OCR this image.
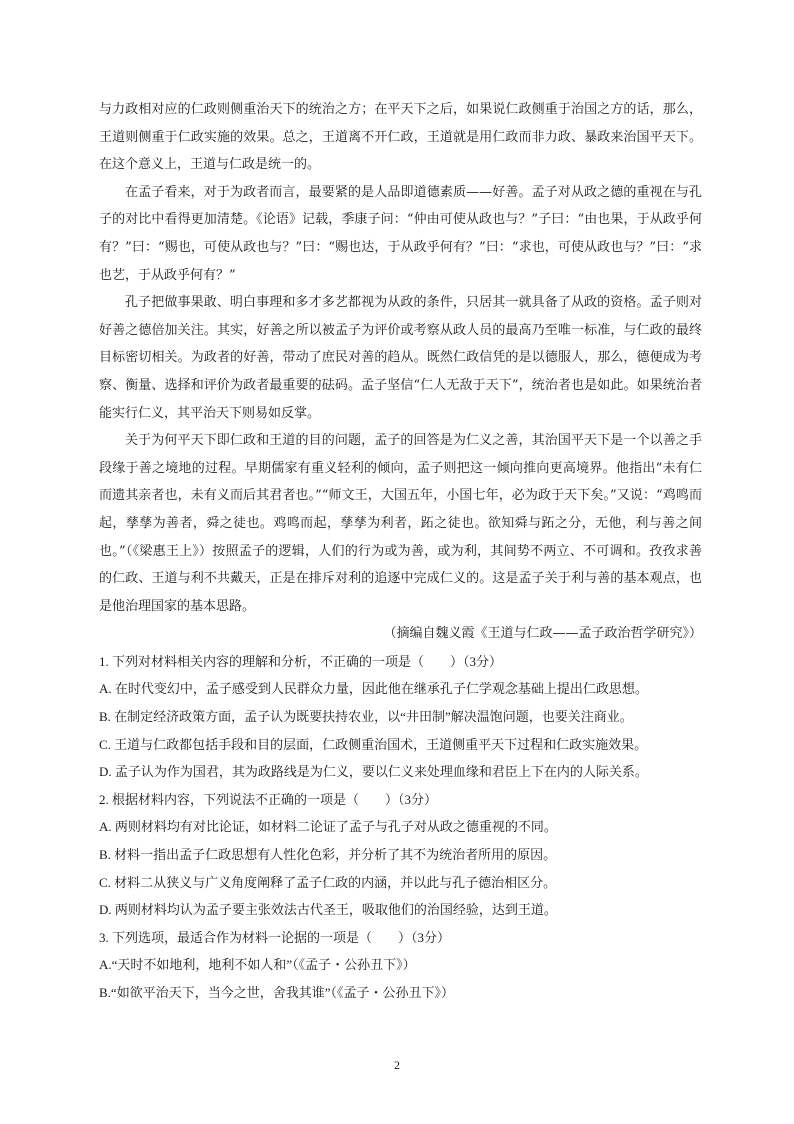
与力政相对应的仁政则侧重治天下的统治之方；在平天下之后，如果说仁政侧重于治国之方的话，那么，王道则侧重于仁政实施的效果。总之，王道离不开仁政，王道就是用仁政而非力政、暴政来治国平天下。在这个意义上，王道与仁政是统一的。

在孟子看来，对于为政者而言，最要紧的是人品即道德素质——好善。孟子对从政之德的重视在与孔子的对比中看得更加清楚。《论语》记载，季康子问：“仲由可使从政也与？”子曰：“由也果，于从政乎何有？”曰：“赐也，可使从政也与？”曰：“赐也达，于从政乎何有？”曰：“求也，可使从政也与？”曰：“求也艺，于从政乎何有？”

孔子把做事果敢、明白事理和多才多艺都视为从政的条件，只居其一就具备了从政的资格。孟子则对好善之德倍加关注。其实，好善之所以被孟子为评价或考察从政人员的最高乃至唯一标准，与仁政的最终目标密切相关。为政者的好善，带动了庶民对善的趋从。既然仁政信凭的是以德服人，那么，德便成为考察、衡量、选择和评价为政者最重要的砝码。孟子坚信“仁人无敌于天下”，统治者也是如此。如果统治者能实行仁义，其平治天下则易如反掌。

关于为何平天下即仁政和王道的目的问题，孟子的回答是为仁义之善，其治国平天下是一个以善之手段缘于善之境地的过程。早期儒家有重义轻利的倾向，孟子则把这一倾向推向更高境界。他指出“未有仁而遗其亲者也，未有义而后其君者也。”“师文王，大国五年，小国七年，必为政于天下矣。”又说：“鸡鸣而起，孳孳为善者，舜之徒也。鸡鸣而起，孳孳为利者，跖之徒也。欲知舜与跖之分，无他，利与善之间也。”（《梁惠王上》）按照孟子的逻辑，人们的行为或为善，或为利，其间势不两立、不可调和。孜孜求善的仁政、王道与利不共戴天，正是在排斥对利的追逐中完成仁义的。这是孟子关于利与善的基本观点，也是他治理国家的基本思路。

（摘编自魏义霞《王道与仁政——孟子政治哲学研究》）

1. 下列对材料相关内容的理解和分析，不正确的一项是（　　）（3分）

A. 在时代变幻中，孟子感受到人民群众力量，因此他在继承孔子仁学观念基础上提出仁政思想。

B. 在制定经济政策方面，孟子认为既要扶持农业，以“井田制”解决温饱问题，也要关注商业。

C. 王道与仁政都包括手段和目的层面，仁政侧重治国术，王道侧重平天下过程和仁政实施效果。

D. 孟子认为作为国君，其为政路线是为仁义，要以仁义来处理血缘和君臣上下在内的人际关系。

2. 根据材料内容，下列说法不正确的一项是（　　）（3分）

A. 两则材料均有对比论证，如材料二论证了孟子与孔子对从政之德重视的不同。

B. 材料一指出孟子仁政思想有人性化色彩，并分析了其不为统治者所用的原因。

C. 材料二从狭义与广义角度阐释了孟子仁政的内涵，并以此与孔子德治相区分。

D. 两则材料均认为孟子要主张效法古代圣王，吸取他们的治国经验，达到王道。

3. 下列选项，最适合作为材料一论据的一项是（　　）（3分）

A.“天时不如地利，地利不如人和”（《孟子・公孙丑下》）

B.“如欲平治天下，当今之世，舍我其谁”（《孟子・公孙丑下》）

2
